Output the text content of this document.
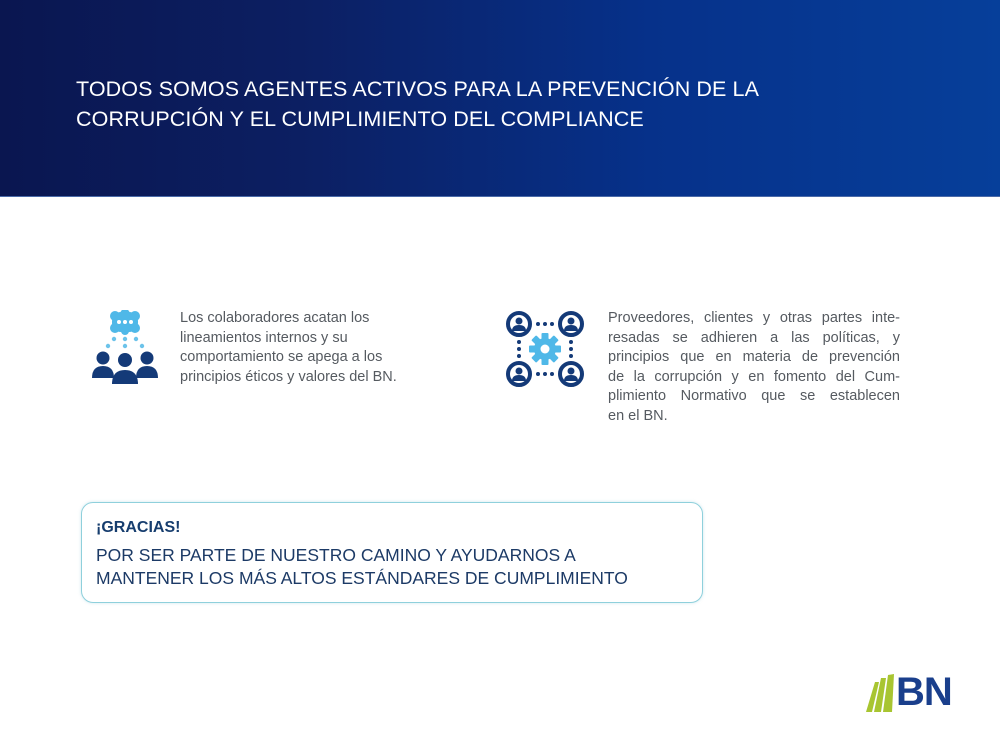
TODOS SOMOS AGENTES ACTIVOS PARA LA PREVENCIÓN DE LA
CORRUPCIÓN Y EL CUMPLIMIENTO DEL COMPLIANCE
Los colaboradores acatan los
lineamientos internos y su
comportamiento se apega a los
principios éticos y valores del BN.
Proveedores, clientes y otras partes inte-
resadas se adhieren a las políticas, y
principios que en materia de prevención
de la corrupción y en fomento del Cum-
plimiento Normativo que se establecen
en el BN.
¡GRACIAS!
POR SER PARTE DE NUESTRO CAMINO Y AYUDARNOS A
MANTENER LOS MÁS ALTOS ESTÁNDARES DE CUMPLIMIENTO
BN
